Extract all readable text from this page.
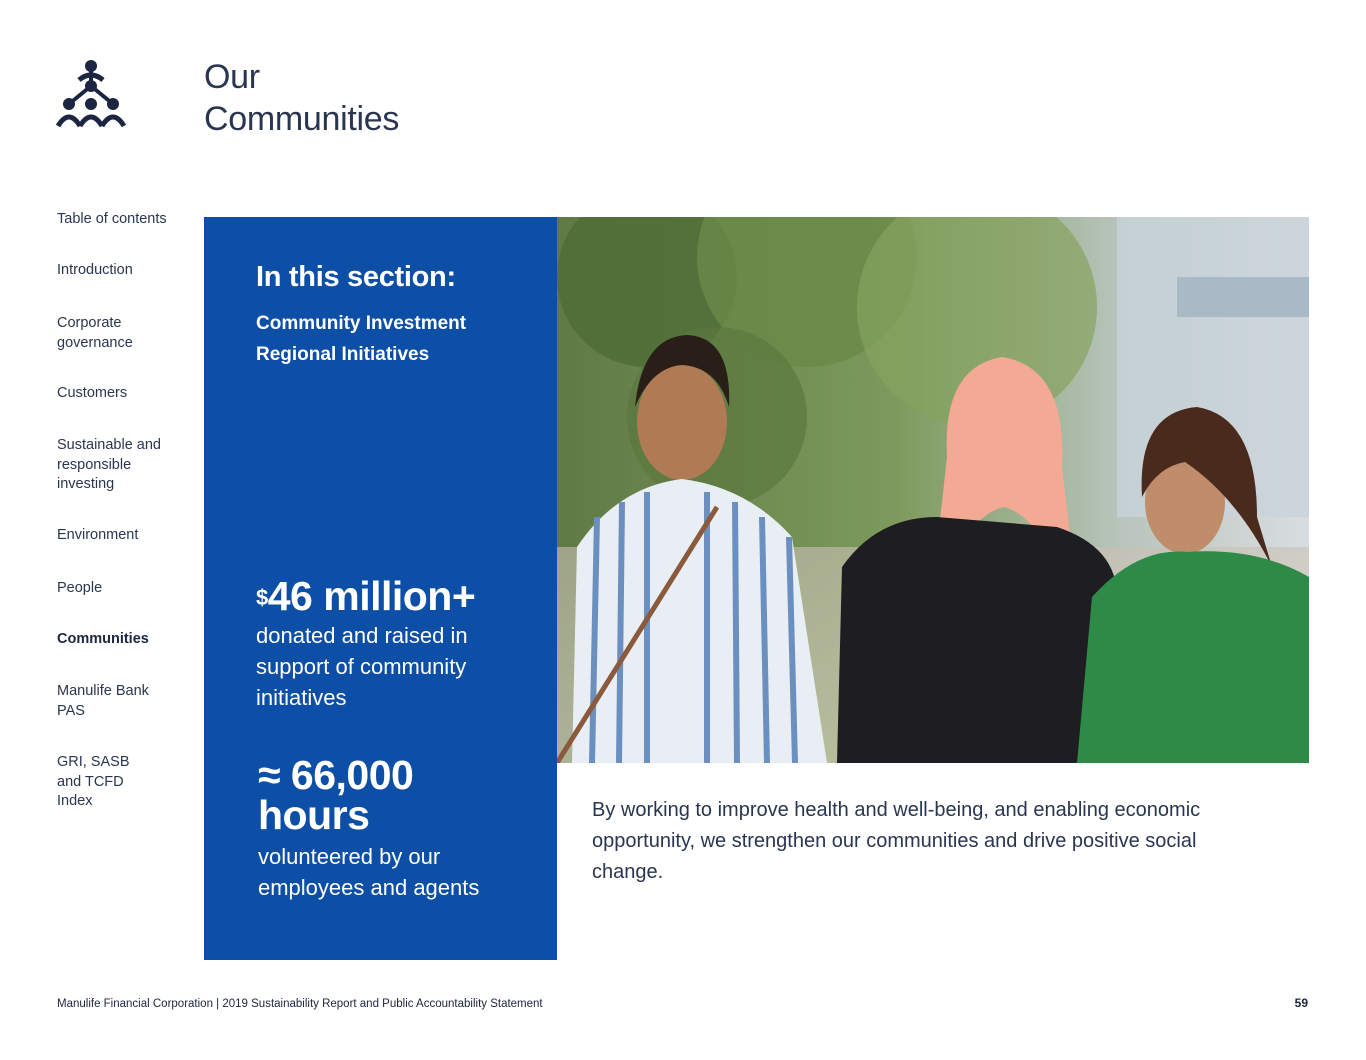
Our
Communities
Table of contents
Introduction
Corporate governance
Customers
Sustainable and responsible investing
Environment
People
Communities
Manulife Bank PAS
GRI, SASB and TCFD Index
In this section:
Community Investment
Regional Initiatives
$46 million+
donated and raised in support of community initiatives
≈ 66,000 hours
volunteered by our employees and agents

By working to improve health and well-being, and enabling economic opportunity, we strengthen our communities and drive positive social change.

Manulife Financial Corporation | 2019 Sustainability Report and Public Accountability Statement	59
